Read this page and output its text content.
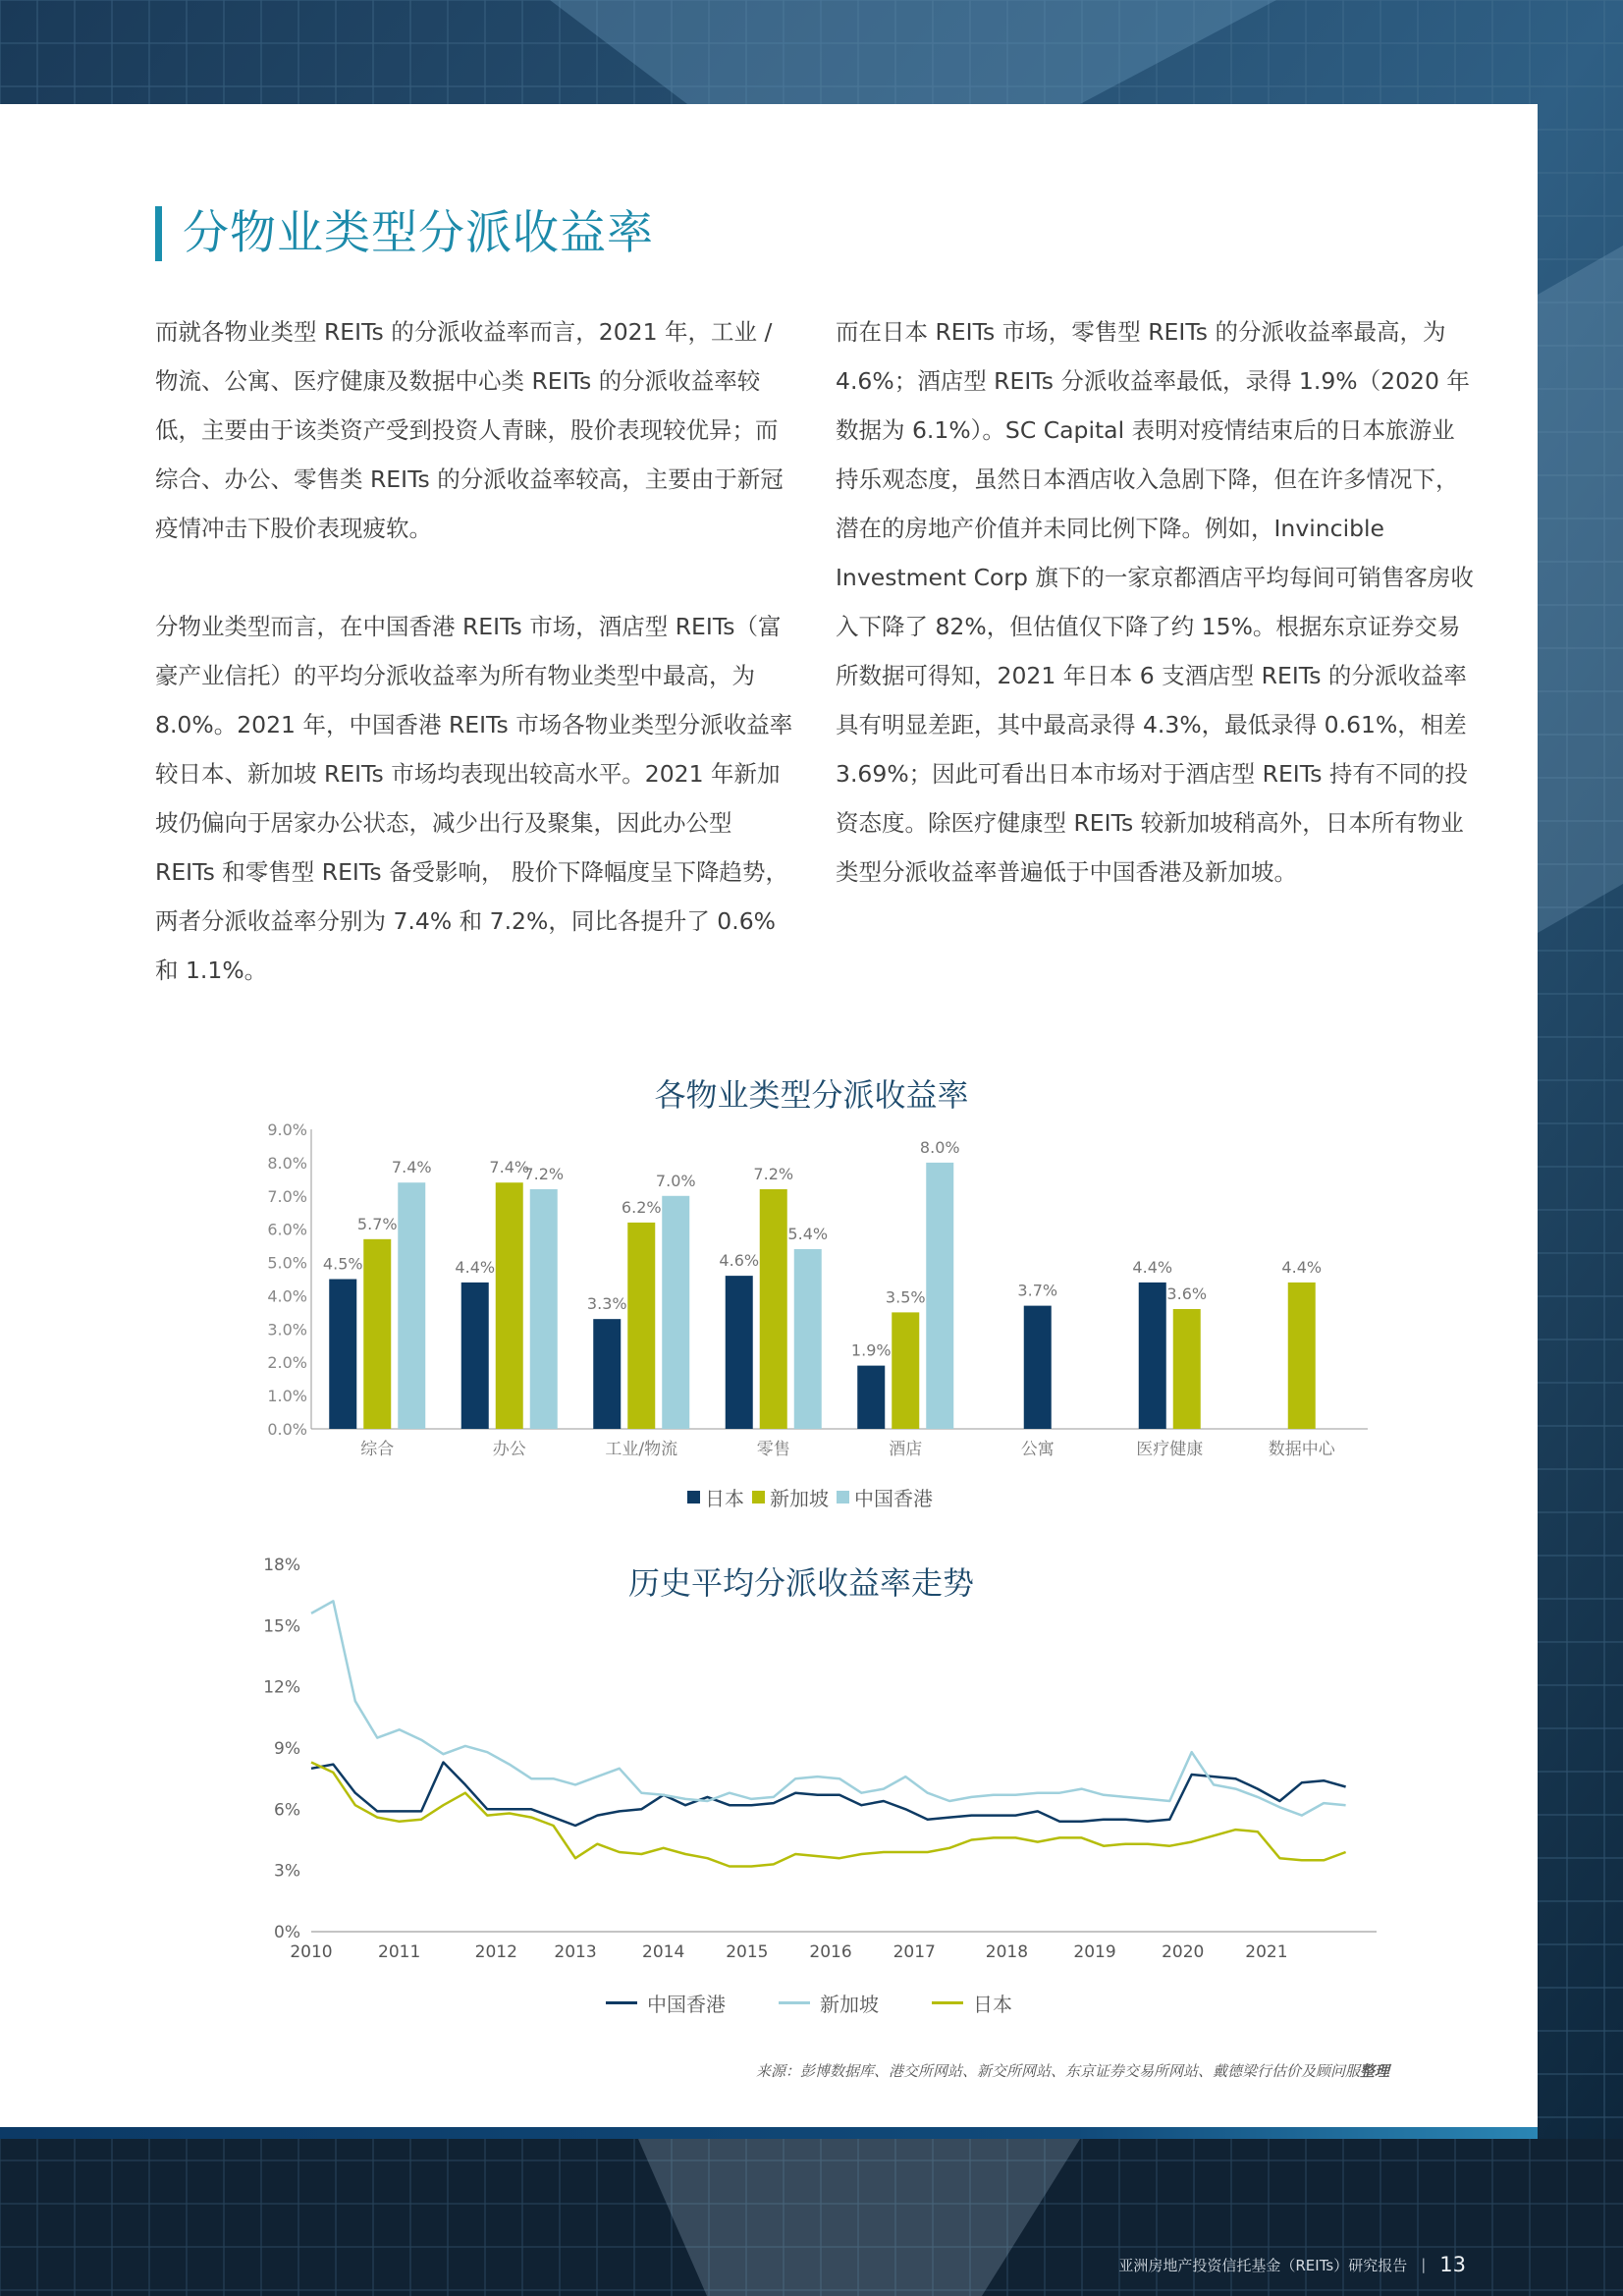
分物业类型分派收益率

而就各物业类型 REITs 的分派收益率而言，2021 年，工业 / 物流、公寓、医疗健康及数据中心类 REITs 的分派收益率较低，主要由于该类资产受到投资人青睐，股价表现较优异；而综合、办公、零售类 REITs 的分派收益率较高，主要由于新冠疫情冲击下股价表现疲软。

分物业类型而言，在中国香港 REITs 市场，酒店型 REITs（富豪产业信托）的平均分派收益率为所有物业类型中最高，为 8.0%。2021 年，中国香港 REITs 市场各物业类型分派收益率较日本、新加坡 REITs 市场均表现出较高水平。2021 年新加坡仍偏向于居家办公状态，减少出行及聚集，因此办公型 REITs 和零售型 REITs 备受影响， 股价下降幅度呈下降趋势，两者分派收益率分别为 7.4% 和 7.2%，同比各提升了 0.6% 和 1.1%。

而在日本 REITs 市场，零售型 REITs 的分派收益率最高，为 4.6%；酒店型 REITs 分派收益率最低，录得 1.9%（2020 年数据为 6.1%）。SC Capital 表明对疫情结束后的日本旅游业持乐观态度，虽然日本酒店收入急剧下降，但在许多情况下，潜在的房地产价值并未同比例下降。例如，Invincible Investment Corp 旗下的一家京都酒店平均每间可销售客房收入下降了 82%，但估值仅下降了约 15%。根据东京证券交易所数据可得知，2021 年日本 6 支酒店型 REITs 的分派收益率具有明显差距，其中最高录得 4.3%，最低录得 0.61%，相差 3.69%；因此可看出日本市场对于酒店型 REITs 持有不同的投资态度。除医疗健康型 REITs 较新加坡稍高外，日本所有物业类型分派收益率普遍低于中国香港及新加坡。

各物业类型分派收益率
0.0%
1.0%
2.0%
3.0%
4.0%
5.0%
6.0%
7.0%
8.0%
9.0%
综合
4.5%
5.7%
7.4%
办公
4.4%
7.4%
7.2%
工业/物流
3.3%
6.2%
7.0%
零售
4.6%
7.2%
5.4%
酒店
1.9%
3.5%
8.0%
公寓
3.7%
医疗健康
4.4%
3.6%
数据中心
4.4%
日本 新加坡 中国香港
历史平均分派收益率走势
0%
3%
6%
9%
12%
15%
18%
2010	2011	2012 2013	2014 2015 2016 2017	2018	2019	2020 2021
中国香港	新加坡	日本
来源：彭博数据库、港交所网站、新交所网站、东京证券交易所网站、戴德梁行估价及顾问服整理
亚洲房地产投资信托基金（REITs）研究报告 | 13
